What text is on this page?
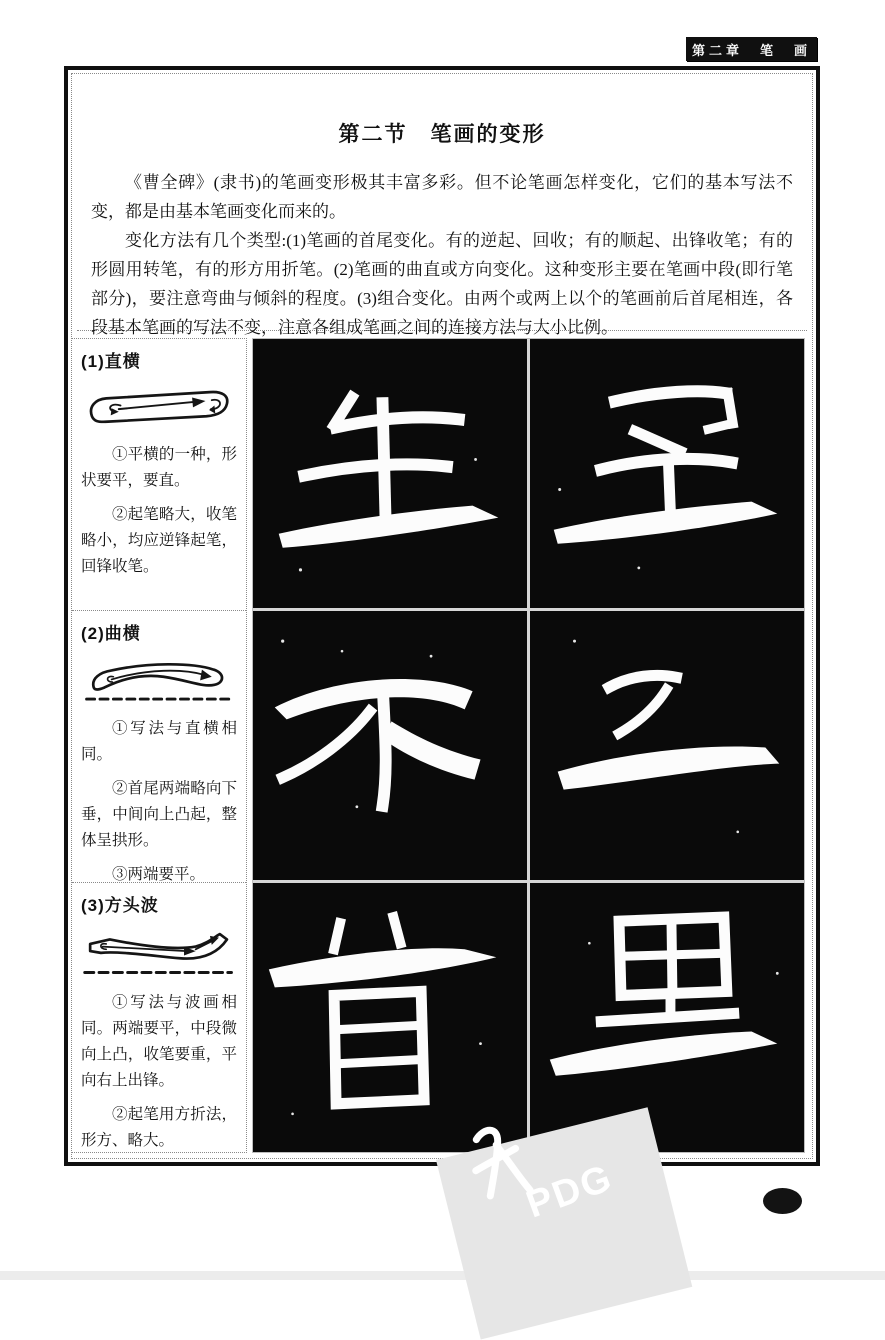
第二章　笔　画
第二节　笔画的变形

《曹全碑》(隶书)的笔画变形极其丰富多彩。但不论笔画怎样变化，它们的基本写法不变，都是由基本笔画变化而来的。

变化方法有几个类型:(1)笔画的首尾变化。有的逆起、回收；有的顺起、出锋收笔；有的形圆用转笔，有的形方用折笔。(2)笔画的曲直或方向变化。这种变形主要在笔画中段(即行笔部分)，要注意弯曲与倾斜的程度。(3)组合变化。由两个或两上以个的笔画前后首尾相连，各段基本笔画的写法不变，注意各组成笔画之间的连接方法与大小比例。

(1)直横

①平横的一种，形状要平，要直。

②起笔略大，收笔略小，均应逆锋起笔，回锋收笔。

(2)曲横

①写法与直横相同。

②首尾两端略向下垂，中间向上凸起，整体呈拱形。

③两端要平。

(3)方头波

①写法与波画相同。两端要平，中段微向上凸，收笔要重，平向右上出锋。

②起笔用方折法，形方、略大。

PDG
